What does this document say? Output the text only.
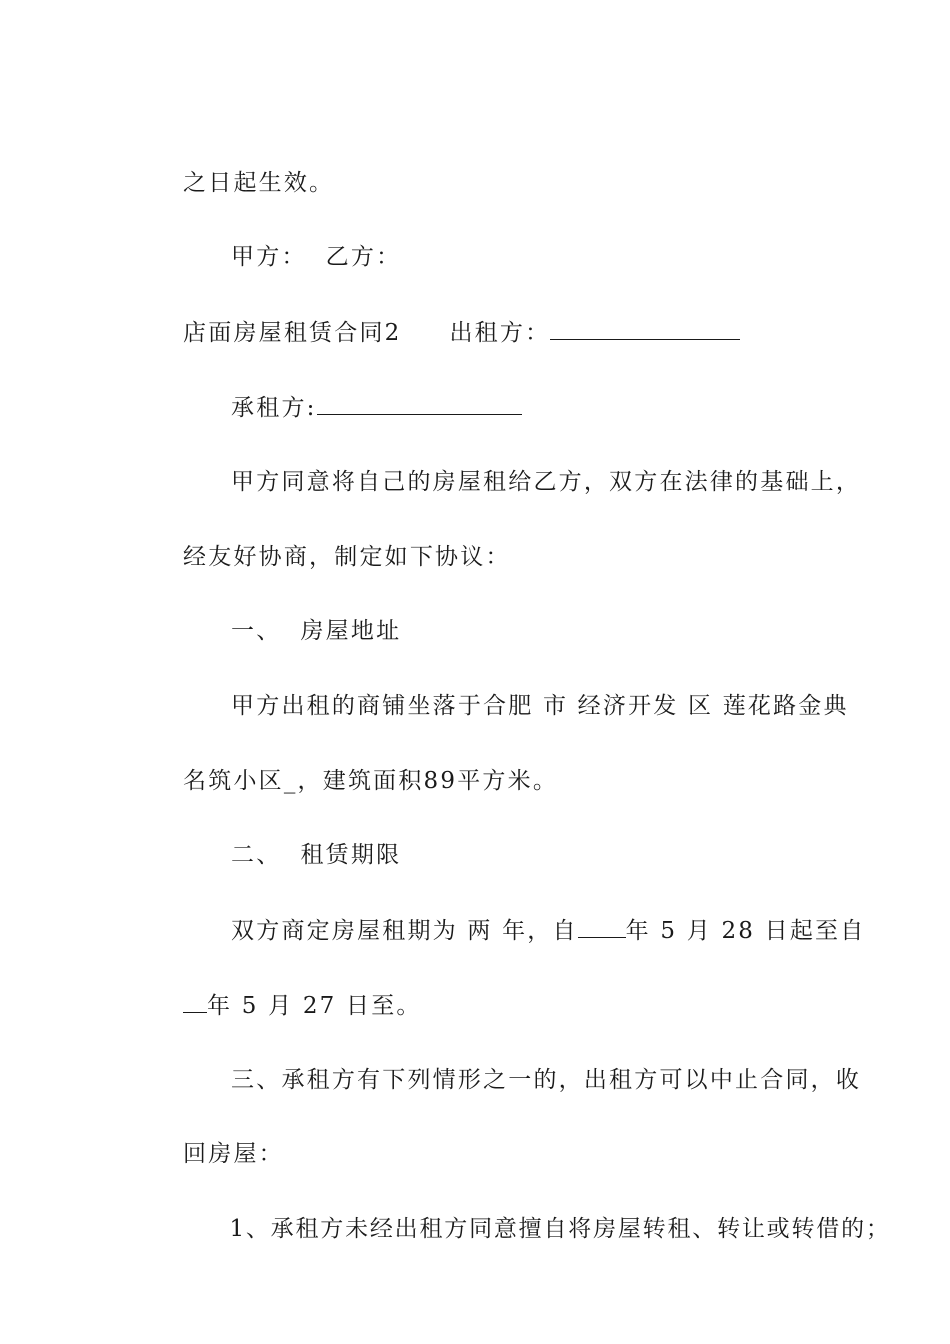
之日起生效。

甲方：  乙方：

店面房屋租赁合同2 出租方：

承租方:

甲方同意将自己的房屋租给乙方，双方在法律的基础上，

经友好协商，制定如下协议：

一、  房屋地址

甲方出租的商铺坐落于合肥 市 经济开发 区 莲花路金典

名筑小区_，建筑面积89平方米。

二、  租赁期限

双方商定房屋租期为 两 年，自 年 5 月 28 日起至自

年 5 月 27 日至。

三、承租方有下列情形之一的，出租方可以中止合同，收

回房屋：

1、承租方未经出租方同意擅自将房屋转租、转让或转借的；
